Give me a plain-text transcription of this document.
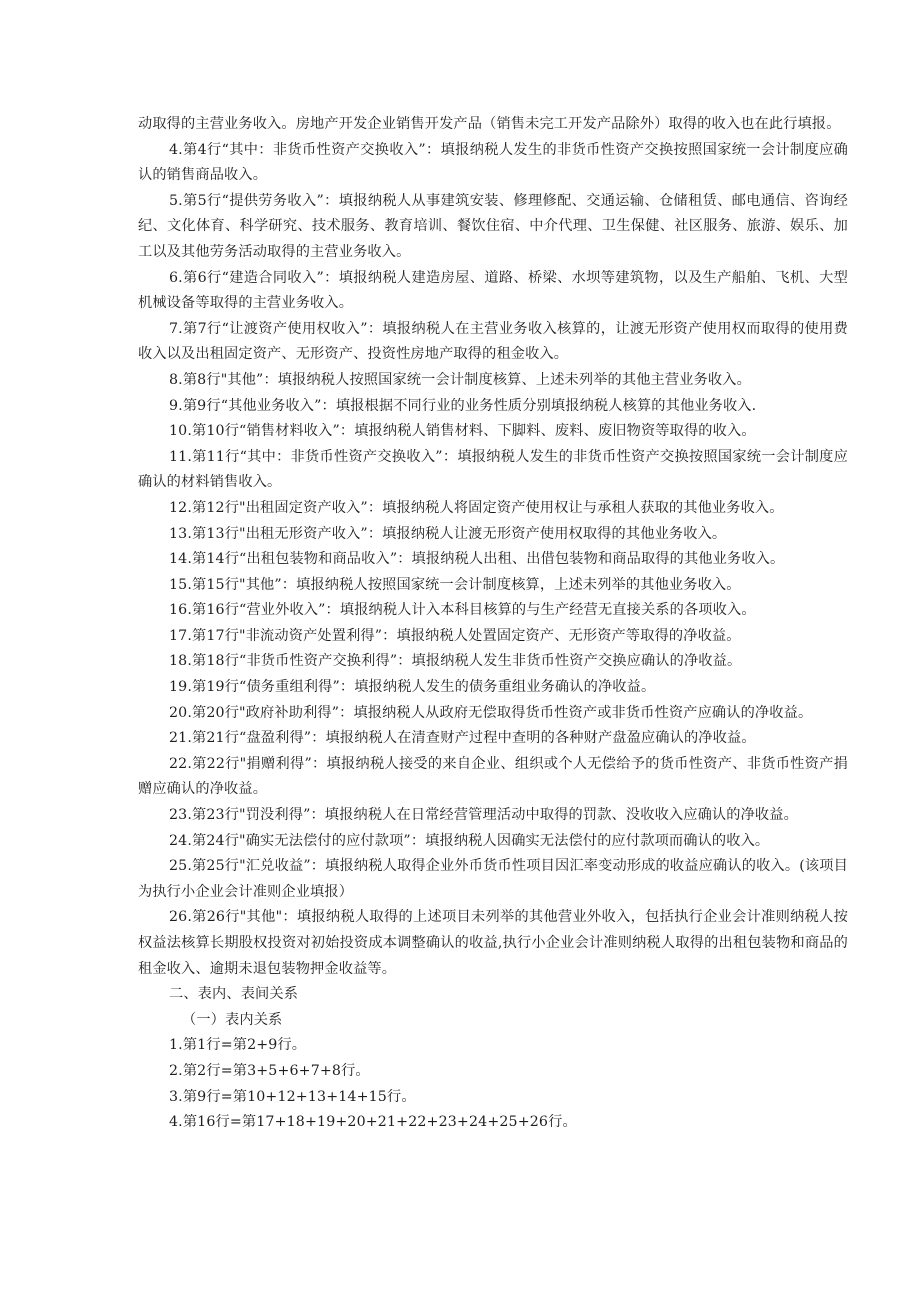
动取得的主营业务收入。房地产开发企业销售开发产品（销售未完工开发产品除外）取得的收入也在此行填报。

4.第4行“其中：非货币性资产交换收入”：填报纳税人发生的非货币性资产交换按照国家统一会计制度应确认的销售商品收入。

5.第5行“提供劳务收入”：填报纳税人从事建筑安装、修理修配、交通运输、仓储租赁、邮电通信、咨询经纪、文化体育、科学研究、技术服务、教育培训、餐饮住宿、中介代理、卫生保健、社区服务、旅游、娱乐、加工以及其他劳务活动取得的主营业务收入。

6.第6行“建造合同收入”：填报纳税人建造房屋、道路、桥梁、水坝等建筑物，以及生产船舶、飞机、大型机械设备等取得的主营业务收入。

7.第7行“让渡资产使用权收入”：填报纳税人在主营业务收入核算的，让渡无形资产使用权而取得的使用费收入以及出租固定资产、无形资产、投资性房地产取得的租金收入。

8.第8行"其他”：填报纳税人按照国家统一会计制度核算、上述未列举的其他主营业务收入。

9.第9行“其他业务收入”：填报根据不同行业的业务性质分别填报纳税人核算的其他业务收入.

10.第10行“销售材料收入”：填报纳税人销售材料、下脚料、废料、废旧物资等取得的收入。

11.第11行“其中：非货币性资产交换收入”：填报纳税人发生的非货币性资产交换按照国家统一会计制度应确认的材料销售收入。

12.第12行"出租固定资产收入”：填报纳税人将固定资产使用权让与承租人获取的其他业务收入。

13.第13行"出租无形资产收入”：填报纳税人让渡无形资产使用权取得的其他业务收入。

14.第14行“出租包装物和商品收入”：填报纳税人出租、出借包装物和商品取得的其他业务收入。

15.第15行"其他”：填报纳税人按照国家统一会计制度核算，上述未列举的其他业务收入。

16.第16行“营业外收入”：填报纳税人计入本科目核算的与生产经营无直接关系的各项收入。

17.第17行"非流动资产处置利得”：填报纳税人处置固定资产、无形资产等取得的净收益。

18.第18行“非货币性资产交换利得”：填报纳税人发生非货币性资产交换应确认的净收益。

19.第19行“债务重组利得”：填报纳税人发生的债务重组业务确认的净收益。

20.第20行"政府补助利得”：填报纳税人从政府无偿取得货币性资产或非货币性资产应确认的净收益。

21.第21行“盘盈利得”：填报纳税人在清查财产过程中查明的各种财产盘盈应确认的净收益。

22.第22行"捐赠利得”：填报纳税人接受的来自企业、组织或个人无偿给予的货币性资产、非货币性资产捐赠应确认的净收益。

23.第23行"罚没利得”：填报纳税人在日常经营管理活动中取得的罚款、没收收入应确认的净收益。

24.第24行"确实无法偿付的应付款项”：填报纳税人因确实无法偿付的应付款项而确认的收入。

25.第25行"汇兑收益”：填报纳税人取得企业外币货币性项目因汇率变动形成的收益应确认的收入。(该项目为执行小企业会计准则企业填报）

26.第26行"其他"：填报纳税人取得的上述项目未列举的其他营业外收入，包括执行企业会计准则纳税人按权益法核算长期股权投资对初始投资成本调整确认的收益,执行小企业会计准则纳税人取得的出租包装物和商品的租金收入、逾期未退包装物押金收益等。

二、表内、表间关系

（一）表内关系

1.第1行=第2+9行。

2.第2行=第3+5+6+7+8行。

3.第9行=第10+12+13+14+15行。

4.第16行=第17+18+19+20+21+22+23+24+25+26行。
